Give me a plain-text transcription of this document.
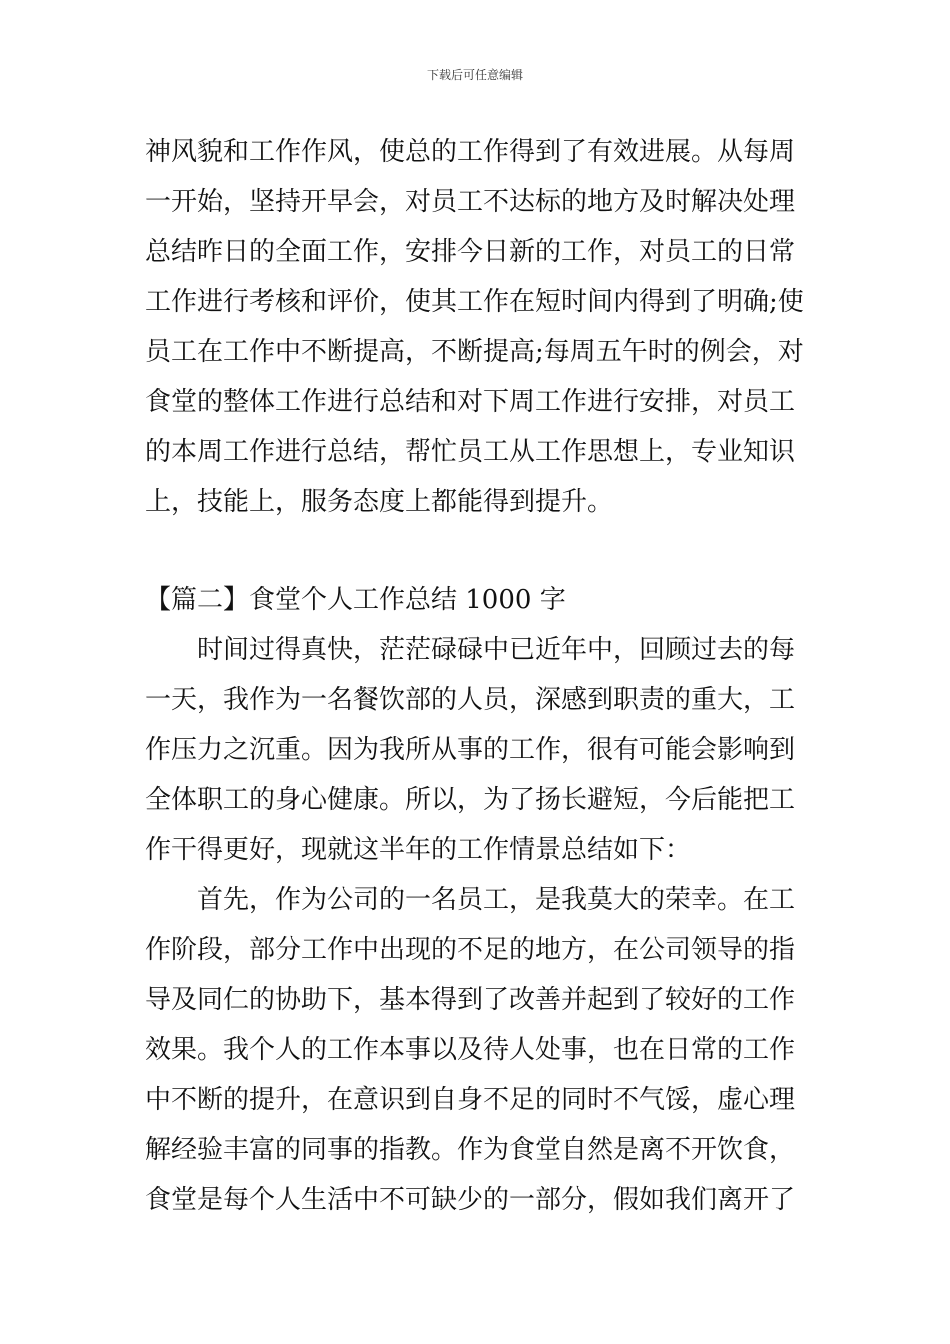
下载后可任意编辑
神风貌和工作作风，使总的工作得到了有效进展。从每周
一开始，坚持开早会，对员工不达标的地方及时解决处理
总结昨日的全面工作，安排今日新的工作，对员工的日常
工作进行考核和评价，使其工作在短时间内得到了明确;使
员工在工作中不断提高，不断提高;每周五午时的例会，对
食堂的整体工作进行总结和对下周工作进行安排，对员工
的本周工作进行总结，帮忙员工从工作思想上，专业知识
上，技能上，服务态度上都能得到提升。
【篇二】食堂个人工作总结 1000 字
时间过得真快，茫茫碌碌中已近年中，回顾过去的每
一天，我作为一名餐饮部的人员，深感到职责的重大，工
作压力之沉重。因为我所从事的工作，很有可能会影响到
全体职工的身心健康。所以，为了扬长避短，今后能把工
作干得更好，现就这半年的工作情景总结如下：
首先，作为公司的一名员工，是我莫大的荣幸。在工
作阶段，部分工作中出现的不足的地方，在公司领导的指
导及同仁的协助下，基本得到了改善并起到了较好的工作
效果。我个人的工作本事以及待人处事，也在日常的工作
中不断的提升，在意识到自身不足的同时不气馁，虚心理
解经验丰富的同事的指教。作为食堂自然是离不开饮食，
食堂是每个人生活中不可缺少的一部分，假如我们离开了
